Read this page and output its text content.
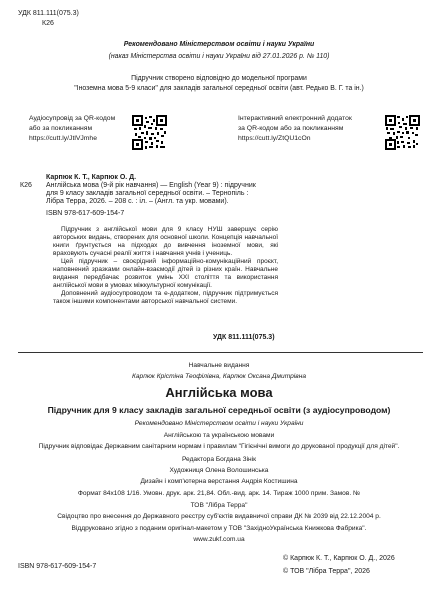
УДК 811.111(075.3)
К26
Рекомендовано Міністерством освіти і науки України
(наказ Міністерства освіти і науки України від 27.01.2026 р. № 110)
Підручник створено відповідно до модельної програми
"Іноземна мова 5-9 класи" для закладів загальної середньої освіти (авт. Редько В. Г. та ін.)
Аудіосупровід за QR-кодом
або за покликанням
https://cutt.ly/JtlVJmhe
Інтерактивний електронний додаток
за QR-кодом або за покликанням
https://cutt.ly/ZtQU1cOn
К26
Карпюк К. Т., Карпюк О. Д.
Англійська мова (9-й рік навчання) — English (Year 9) : підручник
для 9 класу закладів загальної середньої освіти. – Тернопіль :
Лібра Терра, 2026. – 208 с. : іл. – (Англ. та укр. мовами).
ISBN 978-617-609-154-7

Підручник з англійської мови для 9 класу НУШ завершує серію авторських видань, створених для основної школи. Концепція навчальної книги ґрунтується на підходах до вивчення іноземної мови, які враховують сучасні реалії життя і навчання учнів і учениць.

Цей підручник – своєрідний інформаційно-комунікаційний проєкт, наповнений зразками онлайн-взаємодії дітей із різних країн. Навчальне видання передбачає розвиток умінь XXI століття та використання англійської мови в умовах міжкультурної комунікації.

Доповнений аудіосупроводом та е-додатком, підручник підтримується також іншими компонентами авторської навчальної системи.

УДК 811.111(075.3)
Навчальне видання
Карпюк Крістіна Теофілівна, Карпюк Оксана Дмитрівна
Англійська мова
Підручник для 9 класу закладів загальної середньої освіти (з аудіосупроводом)
Рекомендовано Міністерством освіти і науки України
Англійською та українською мовами
Підручник відповідає Державним санітарним нормам і правилам "Гігієнічні вимоги до друкованої продукції для дітей".
Редактора Богдана Зінік
Художниця Олена Волошинська
Дизайн і комп'ютерна верстання Андрія Костишина
Формат 84x108 1/16. Умовн. друк. арк. 21,84. Обл.-вид. арк. 14. Тираж 1000 прим. Замов. №
ТОВ "Лібра Терра"
Свідоцтво про внесення до Державного реєстру суб'єктів видавничої справи ДК № 2039 від 22.12.2004 р.
Віддруковано згідно з поданим оригінал-макетом у ТОВ "ЗахідноУкраїнська Книжкова Фабрика".
www.zukf.com.ua
ISBN 978-617-609-154-7
© Карпюк К. Т., Карпюк О. Д., 2026
© ТОВ "Лібра Терра", 2026
